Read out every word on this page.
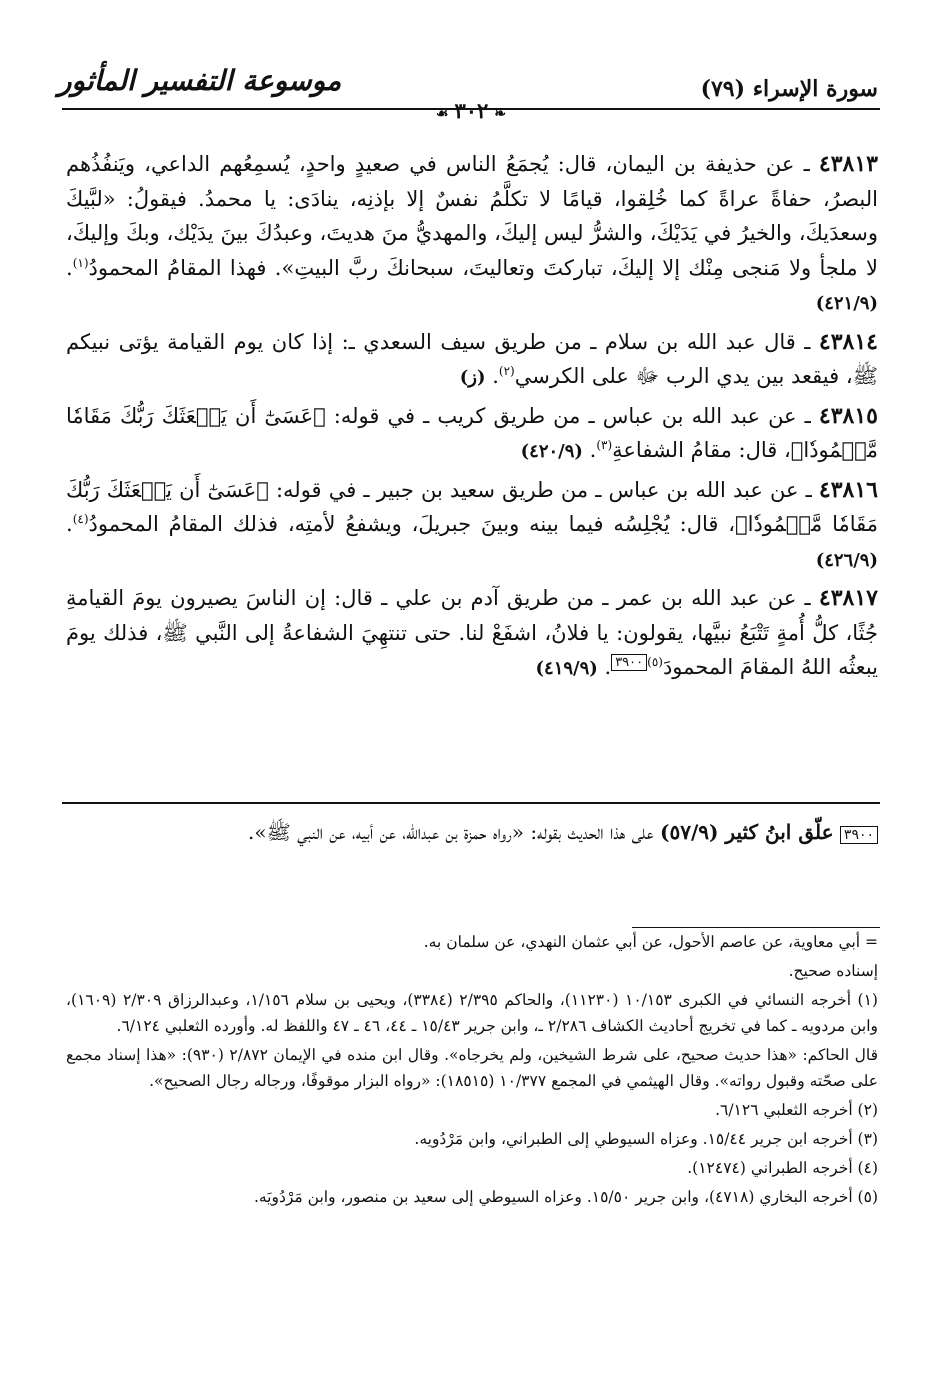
سورة الإسراء (٧٩)
موسوعة التفسير المأثور
❧٣٠٢☙

٤٣٨١٣ ـ عن حذيفة بن اليمان، قال: يُجمَعُ الناس في صعيدٍ واحدٍ، يُسمِعُهم الداعي، ويَنفُذُهم البصرُ، حفاةً عراةً كما خُلِقوا، قيامًا لا تكلَّمُ نفسٌ إلا بإذنِه، ينادَى: يا محمدُ. فيقولُ: «لبَّيكَ وسعدَيكَ، والخيرُ في يَدَيْكَ، والشرُّ ليس إليكَ، والمهديُّ منَ هديتَ، وعبدُكَ بينَ يدَيْك، وبكَ وإليكَ، لا ملجأ ولا مَنجى مِنْك إلا إليكَ، تباركتَ وتعاليتَ، سبحانكَ ربَّ البيتِ». فهذا المقامُ المحمودُ$^{(١)}$. (٤٢١/٩)

٤٣٨١٤ ـ قال عبد الله بن سلام ـ من طريق سيف السعدي ـ: إذا كان يوم القيامة يؤتى نبيكم ﷺ، فيقعد بين يدي الرب ﷻ على الكرسي$^{(٢)}$. (ز)

٤٣٨١٥ ـ عن عبد الله بن عباس ـ من طريق كريب ـ في قوله: ﴿عَسَىٰٓ أَن يَبۡعَثَكَ رَبُّكَ مَقَامٗا مَّحۡمُودٗا﴾، قال: مقامُ الشفاعةِ$^{(٣)}$. (٤٢٠/٩)

٤٣٨١٦ ـ عن عبد الله بن عباس ـ من طريق سعيد بن جبير ـ في قوله: ﴿عَسَىٰٓ أَن يَبۡعَثَكَ رَبُّكَ مَقَامٗا مَّحۡمُودٗا﴾، قال: يُجْلِسُه فيما بينه وبينَ جبريلَ، ويشفعُ لأمتِه، فذلك المقامُ المحمودُ$^{(٤)}$. (٤٢٦/٩)

٤٣٨١٧ ـ عن عبد الله بن عمر ـ من طريق آدم بن علي ـ قال: إن الناسَ يصيرون يومَ القيامةِ جُثًا، كلُّ أُمةٍ تَتْبَعُ نبيَّها، يقولون: يا فلانُ، اشفَعْ لنا. حتى تنتهِيَ الشفاعةُ إلى النَّبي ﷺ، فذلك يومَ يبعثُه اللهُ المقامَ المحمودَ$^{(٥)٣٩٠٠}$. (٤١٩/٩)

٣٩٠٠ علّق ابنُ كثير (٥٧/٩) على هذا الحديث بقوله: «رواه حمزة بن عبدالله، عن أبيه، عن النبي ﷺ».

= أبي معاوية، عن عاصم الأحول، عن أبي عثمان النهدي، عن سلمان به.

إسناده صحيح.

(١) أخرجه النسائي في الكبرى ١٠/١٥٣ (١١٢٣٠)، والحاكم ٢/٣٩٥ (٣٣٨٤)، ويحيى بن سلام ١/١٥٦، وعبدالرزاق ٢/٣٠٩ (١٦٠٩)، وابن مردويه ـ كما في تخريج أحاديث الكشاف ٢/٢٨٦ ـ، وابن جرير ١٥/٤٣ ـ ٤٤، ٤٦ ـ ٤٧ واللفظ له. وأورده الثعلبي ٦/١٢٤.

قال الحاكم: «هذا حديث صحيح، على شرط الشيخين، ولم يخرجاه». وقال ابن منده في الإيمان ٢/٨٧٢ (٩٣٠): «هذا إسناد مجمع على صحّته وقبول رواته». وقال الهيثمي في المجمع ١٠/٣٧٧ (١٨٥١٥): «رواه البزار موقوفًا، ورجاله رجال الصحيح».

(٢) أخرجه الثعلبي ٦/١٢٦.

(٣) أخرجه ابن جرير ١٥/٤٤. وعزاه السيوطي إلى الطبراني، وابن مَرْدُويه.

(٤) أخرجه الطبراني (١٢٤٧٤).

(٥) أخرجه البخاري (٤٧١٨)، وابن جرير ١٥/٥٠. وعزاه السيوطي إلى سعيد بن منصور، وابن مَرْدُويَه.
